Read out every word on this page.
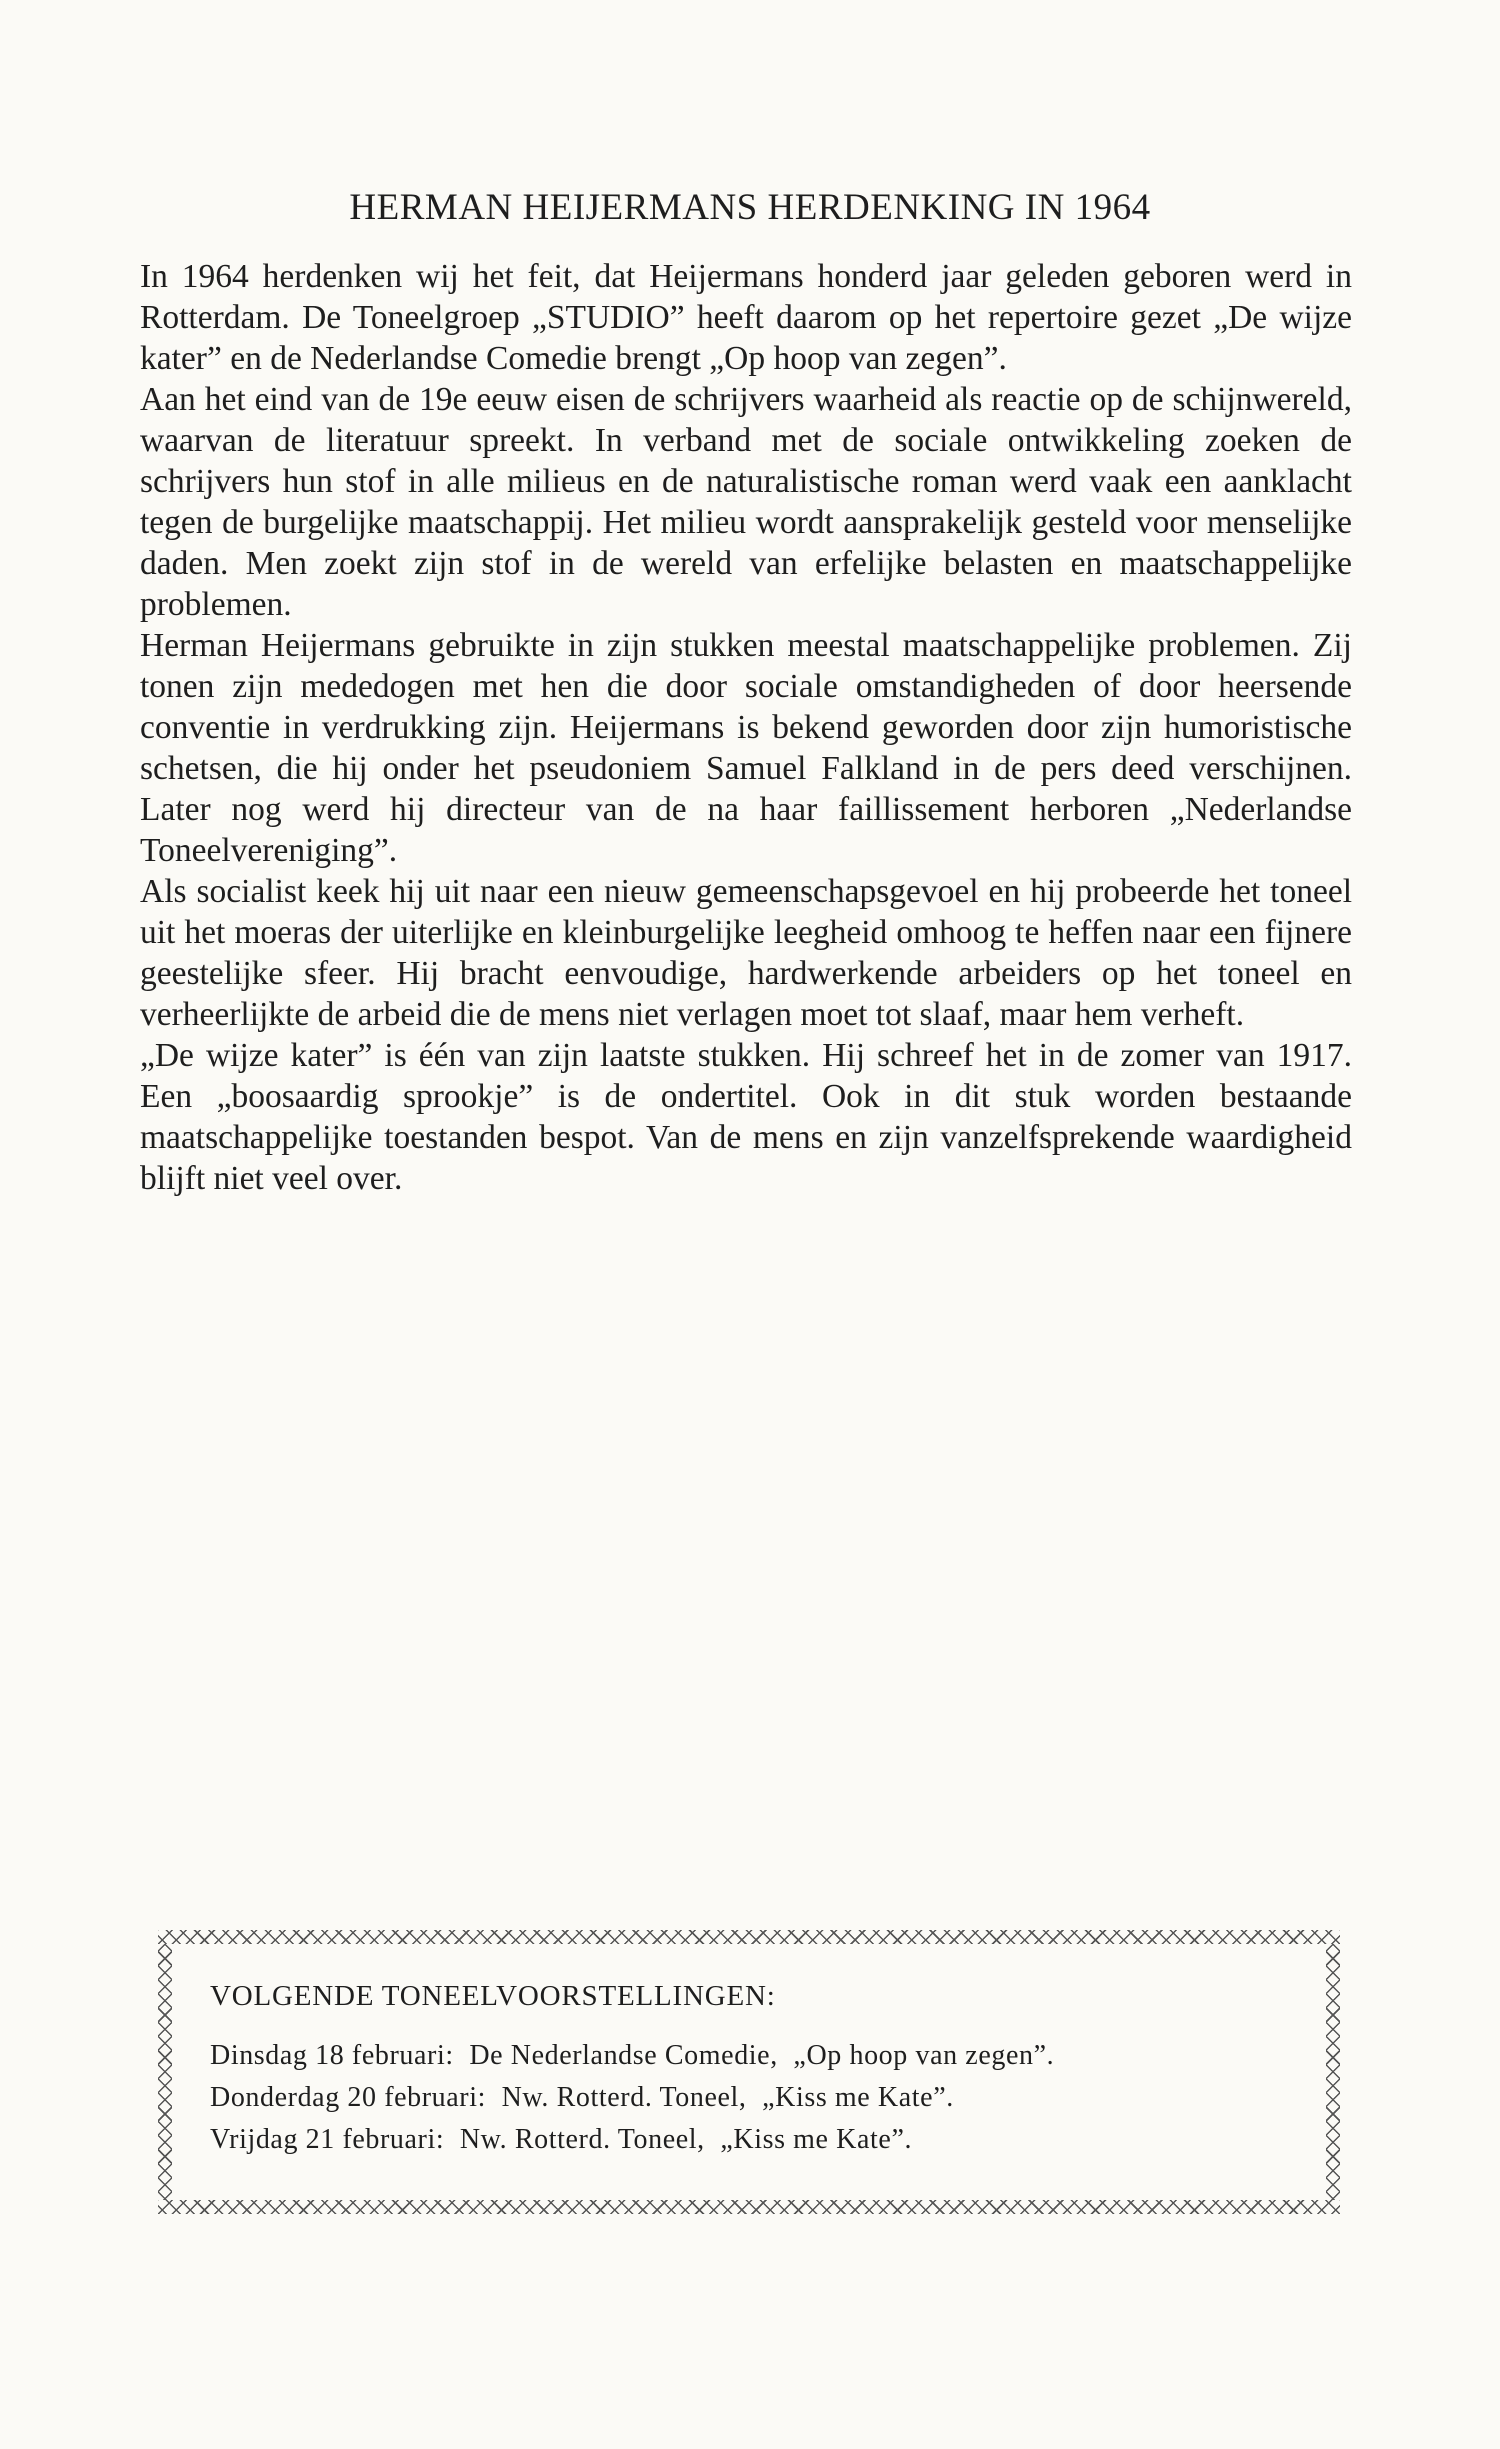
HERMAN HEIJERMANS HERDENKING IN 1964

In 1964 herdenken wij het feit, dat Heijermans honderd jaar geleden geboren werd in Rotterdam. De Toneelgroep „STUDIO” heeft daarom op het repertoire gezet „De wijze kater” en de Nederlandse Comedie brengt „Op hoop van zegen”.

Aan het eind van de 19e eeuw eisen de schrijvers waarheid als reactie op de schijnwereld, waarvan de literatuur spreekt. In verband met de sociale ontwikkeling zoeken de schrijvers hun stof in alle milieus en de naturalistische roman werd vaak een aanklacht tegen de burgelijke maatschappij. Het milieu wordt aansprakelijk gesteld voor menselijke daden. Men zoekt zijn stof in de wereld van erfelijke belasten en maatschappelijke problemen.

Herman Heijermans gebruikte in zijn stukken meestal maatschappelijke problemen. Zij tonen zijn mededogen met hen die door sociale omstandigheden of door heersende conventie in verdrukking zijn. Heijermans is bekend geworden door zijn humoristische schetsen, die hij onder het pseudoniem Samuel Falkland in de pers deed verschijnen. Later nog werd hij directeur van de na haar faillissement herboren „Nederlandse Toneelvereniging”.

Als socialist keek hij uit naar een nieuw gemeenschapsgevoel en hij probeerde het toneel uit het moeras der uiterlijke en kleinburgelijke leegheid omhoog te heffen naar een fijnere geestelijke sfeer. Hij bracht eenvoudige, hardwerkende arbeiders op het toneel en verheerlijkte de arbeid die de mens niet verlagen moet tot slaaf, maar hem verheft.

„De wijze kater” is één van zijn laatste stukken. Hij schreef het in de zomer van 1917. Een „boosaardig sprookje” is de ondertitel. Ook in dit stuk worden bestaande maatschappelijke toestanden bespot. Van de mens en zijn vanzelfsprekende waardigheid blijft niet veel over.

VOLGENDE TONEELVOORSTELLINGEN:
Dinsdag 18 februari: De Nederlandse Comedie, „Op hoop van zegen”.
Donderdag 20 februari: Nw. Rotterd. Toneel, „Kiss me Kate”.
Vrijdag 21 februari: Nw. Rotterd. Toneel, „Kiss me Kate”.
